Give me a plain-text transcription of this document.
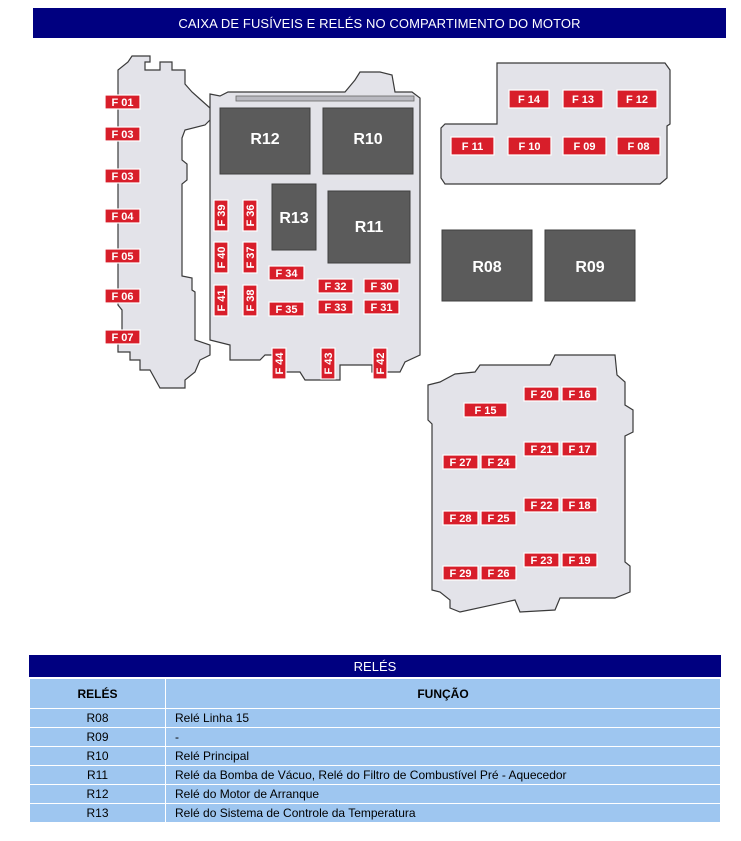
CAIXA DE FUSÍVEIS E RELÉS NO COMPARTIMENTO DO MOTOR
R12	R10
R13
R11
R08	R09
F 01
F 03
F 03
F 04
F 05
F 06
F 07
F 39 F 36
F 40 F 37
F 41 F 38
F 34
F 32 F 30
F 35 F 33 F 31
F 44	F 43	F 42
F 14	F 13	F 12
F 11	F 10	F 09	F 08
F 20 F 16
F 15
F 21 F 17
F 27 F 24
F 22 F 18
F 28 F 25
F 23 F 19
F 29 F 26
RELÉS
RELÉS	FUNÇÃO
R08	Relé Linha 15
R09	-
R10	Relé Principal
R11	Relé da Bomba de Vácuo, Relé do Filtro de Combustível Pré - Aquecedor
R12	Relé do Motor de Arranque
R13	Relé do Sistema de Controle da Temperatura
